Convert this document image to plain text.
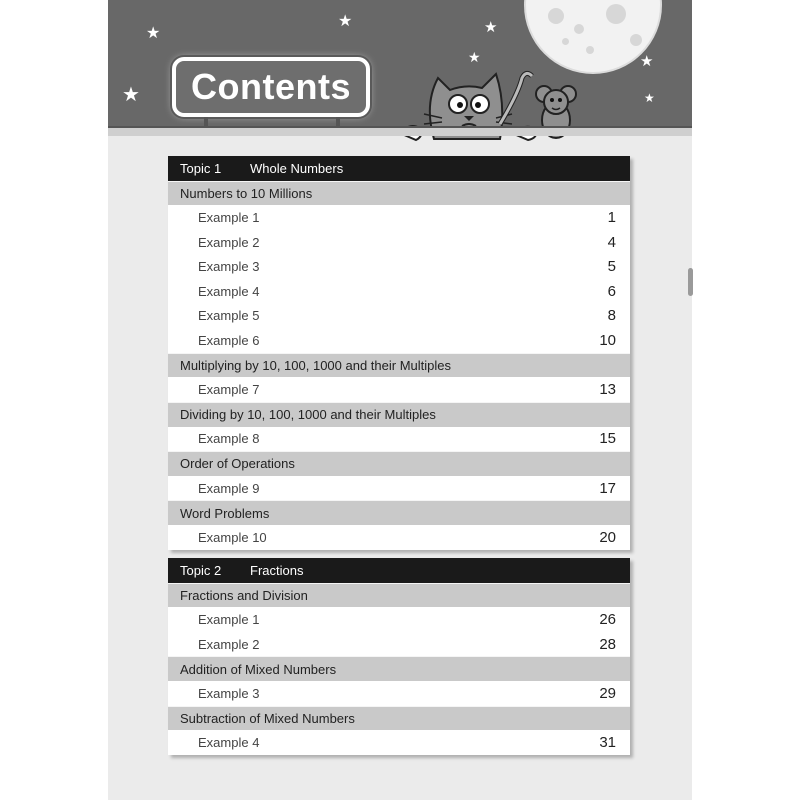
★
★	★
★
★	★
★
Contents
Topic 1	Whole Numbers
Numbers to 10 Millions
Example 1	1
Example 2	4
Example 3	5
Example 4	6
Example 5	8
Example 6	10
Multiplying by 10, 100, 1000 and their Multiples
Example 7	13
Dividing by 10, 100, 1000 and their Multiples
Example 8	15
Order of Operations
Example 9	17
Word Problems
Example 10	20
Topic 2	Fractions
Fractions and Division
Example 1	26
Example 2	28
Addition of Mixed Numbers
Example 3	29
Subtraction of Mixed Numbers
Example 4	31
